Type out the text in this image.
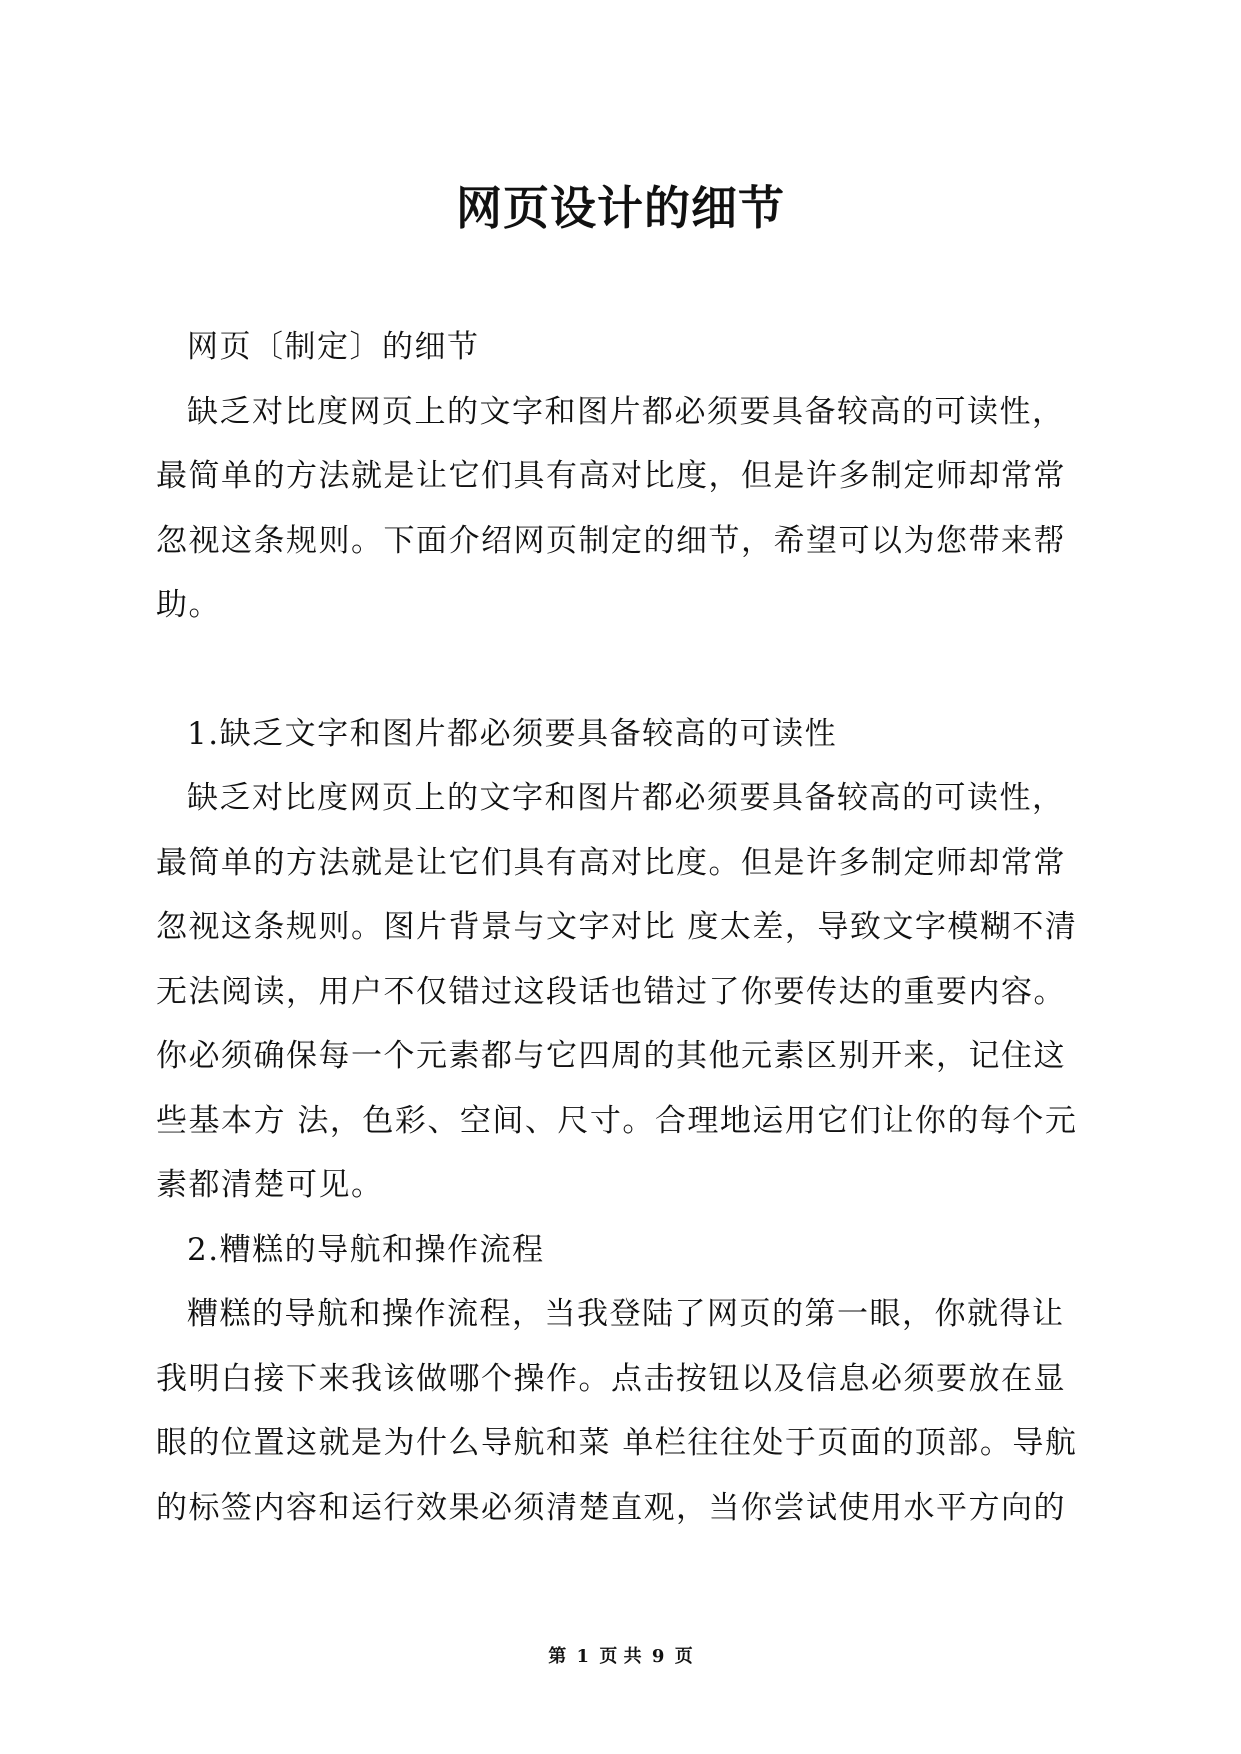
网页设计的细节

网页〔制定〕的细节

缺乏对比度网页上的文字和图片都必须要具备较高的可读性，最简单的方法就是让它们具有高对比度，但是许多制定师却常常忽视这条规则。下面介绍网页制定的细节，希望可以为您带来帮助。

1.缺乏文字和图片都必须要具备较高的可读性

缺乏对比度网页上的文字和图片都必须要具备较高的可读性，最简单的方法就是让它们具有高对比度。但是许多制定师却常常忽视这条规则。图片背景与文字对比 度太差，导致文字模糊不清无法阅读，用户不仅错过这段话也错过了你要传达的重要内容。你必须确保每一个元素都与它四周的其他元素区别开来，记住这些基本方 法，色彩、空间、尺寸。合理地运用它们让你的每个元素都清楚可见。

2.糟糕的导航和操作流程

糟糕的导航和操作流程，当我登陆了网页的第一眼，你就得让我明白接下来我该做哪个操作。点击按钮以及信息必须要放在显眼的位置这就是为什么导航和菜 单栏往往处于页面的顶部。导航的标签内容和运行效果必须清楚直观，当你尝试使用水平方向的

第 1 页 共 9 页
